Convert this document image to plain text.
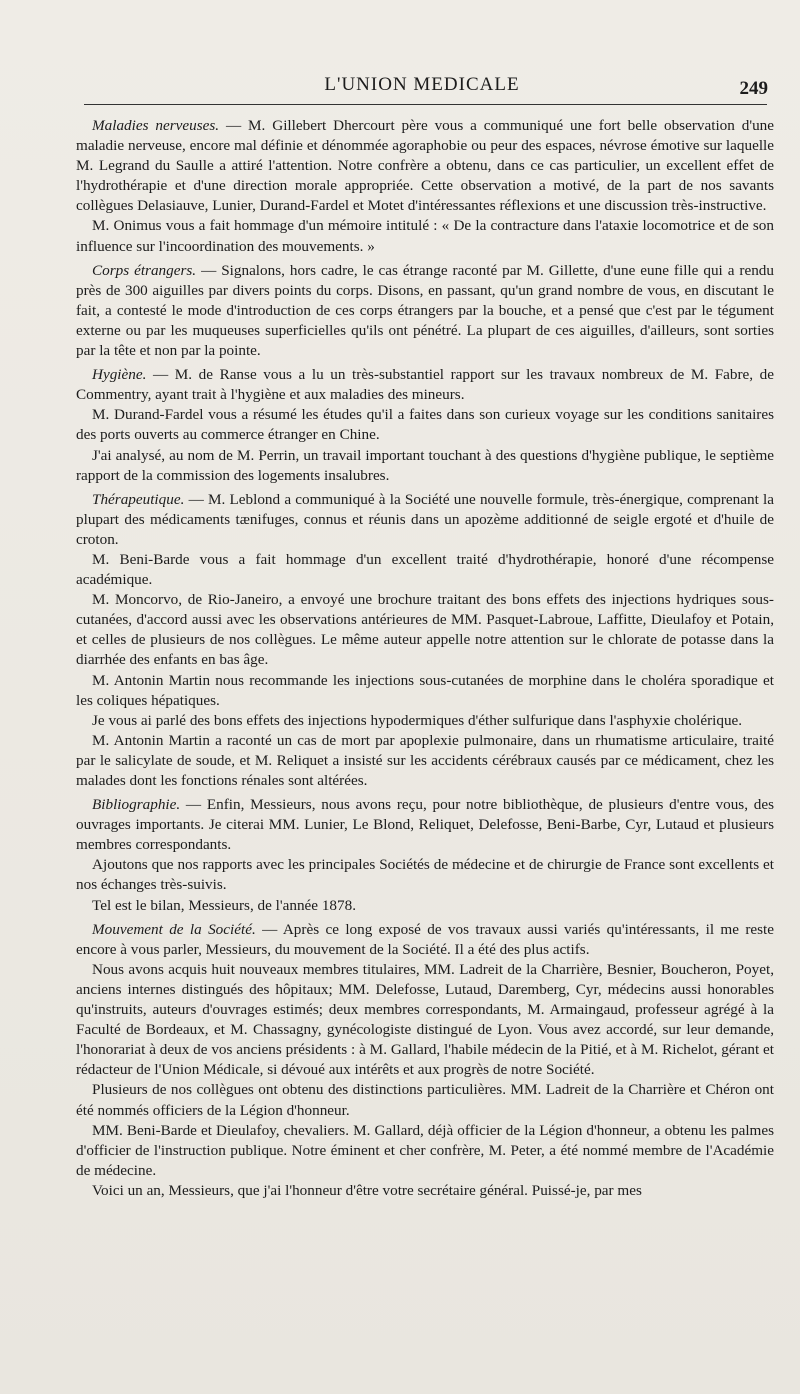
L'UNION MEDICALE	249

Maladies nerveuses. — M. Gillebert Dhercourt père vous a communiqué une fort belle observation d'une maladie nerveuse, encore mal définie et dénommée agoraphobie ou peur des espaces, névrose émotive sur laquelle M. Legrand du Saulle a attiré l'attention. Notre confrère a obtenu, dans ce cas particulier, un excellent effet de l'hydrothérapie et d'une direction morale appropriée. Cette observation a motivé, de la part de nos savants collègues Delasiauve, Lunier, Durand-Fardel et Motet d'intéressantes réflexions et une discussion très-instructive.

M. Onimus vous a fait hommage d'un mémoire intitulé : « De la contracture dans l'ataxie locomotrice et de son influence sur l'incoordination des mouvements. »

Corps étrangers. — Signalons, hors cadre, le cas étrange raconté par M. Gillette, d'une eune fille qui a rendu près de 300 aiguilles par divers points du corps. Disons, en passant, qu'un grand nombre de vous, en discutant le fait, a contesté le mode d'introduction de ces corps étrangers par la bouche, et a pensé que c'est par le tégument externe ou par les muqueuses superficielles qu'ils ont pénétré. La plupart de ces aiguilles, d'ailleurs, sont sorties par la tête et non par la pointe.

Hygiène. — M. de Ranse vous a lu un très-substantiel rapport sur les travaux nombreux de M. Fabre, de Commentry, ayant trait à l'hygiène et aux maladies des mineurs.

M. Durand-Fardel vous a résumé les études qu'il a faites dans son curieux voyage sur les conditions sanitaires des ports ouverts au commerce étranger en Chine.

J'ai analysé, au nom de M. Perrin, un travail important touchant à des questions d'hygiène publique, le septième rapport de la commission des logements insalubres.

Thérapeutique. — M. Leblond a communiqué à la Société une nouvelle formule, très-énergique, comprenant la plupart des médicaments tænifuges, connus et réunis dans un apozème additionné de seigle ergoté et d'huile de croton.

M. Beni-Barde vous a fait hommage d'un excellent traité d'hydrothérapie, honoré d'une récompense académique.

M. Moncorvo, de Rio-Janeiro, a envoyé une brochure traitant des bons effets des injections hydriques sous-cutanées, d'accord aussi avec les observations antérieures de MM. Pasquet-Labroue, Laffitte, Dieulafoy et Potain, et celles de plusieurs de nos collègues. Le même auteur appelle notre attention sur le chlorate de potasse dans la diarrhée des enfants en bas âge.

M. Antonin Martin nous recommande les injections sous-cutanées de morphine dans le choléra sporadique et les coliques hépatiques.

Je vous ai parlé des bons effets des injections hypodermiques d'éther sulfurique dans l'asphyxie cholérique.

M. Antonin Martin a raconté un cas de mort par apoplexie pulmonaire, dans un rhumatisme articulaire, traité par le salicylate de soude, et M. Reliquet a insisté sur les accidents cérébraux causés par ce médicament, chez les malades dont les fonctions rénales sont altérées.

Bibliographie. — Enfin, Messieurs, nous avons reçu, pour notre bibliothèque, de plusieurs d'entre vous, des ouvrages importants. Je citerai MM. Lunier, Le Blond, Reliquet, Delefosse, Beni-Barbe, Cyr, Lutaud et plusieurs membres correspondants.

Ajoutons que nos rapports avec les principales Sociétés de médecine et de chirurgie de France sont excellents et nos échanges très-suivis.

Tel est le bilan, Messieurs, de l'année 1878.

Mouvement de la Société. — Après ce long exposé de vos travaux aussi variés qu'intéressants, il me reste encore à vous parler, Messieurs, du mouvement de la Société. Il a été des plus actifs.

Nous avons acquis huit nouveaux membres titulaires, MM. Ladreit de la Charrière, Besnier, Boucheron, Poyet, anciens internes distingués des hôpitaux; MM. Delefosse, Lutaud, Daremberg, Cyr, médecins aussi honorables qu'instruits, auteurs d'ouvrages estimés; deux membres correspondants, M. Armaingaud, professeur agrégé à la Faculté de Bordeaux, et M. Chassagny, gynécologiste distingué de Lyon. Vous avez accordé, sur leur demande, l'honorariat à deux de vos anciens présidents : à M. Gallard, l'habile médecin de la Pitié, et à M. Richelot, gérant et rédacteur de l'Union Médicale, si dévoué aux intérêts et aux progrès de notre Société.

Plusieurs de nos collègues ont obtenu des distinctions particulières. MM. Ladreit de la Charrière et Chéron ont été nommés officiers de la Légion d'honneur.

MM. Beni-Barde et Dieulafoy, chevaliers. M. Gallard, déjà officier de la Légion d'honneur, a obtenu les palmes d'officier de l'instruction publique. Notre éminent et cher confrère, M. Peter, a été nommé membre de l'Académie de médecine.

Voici un an, Messieurs, que j'ai l'honneur d'être votre secrétaire général. Puissé-je, par mes
